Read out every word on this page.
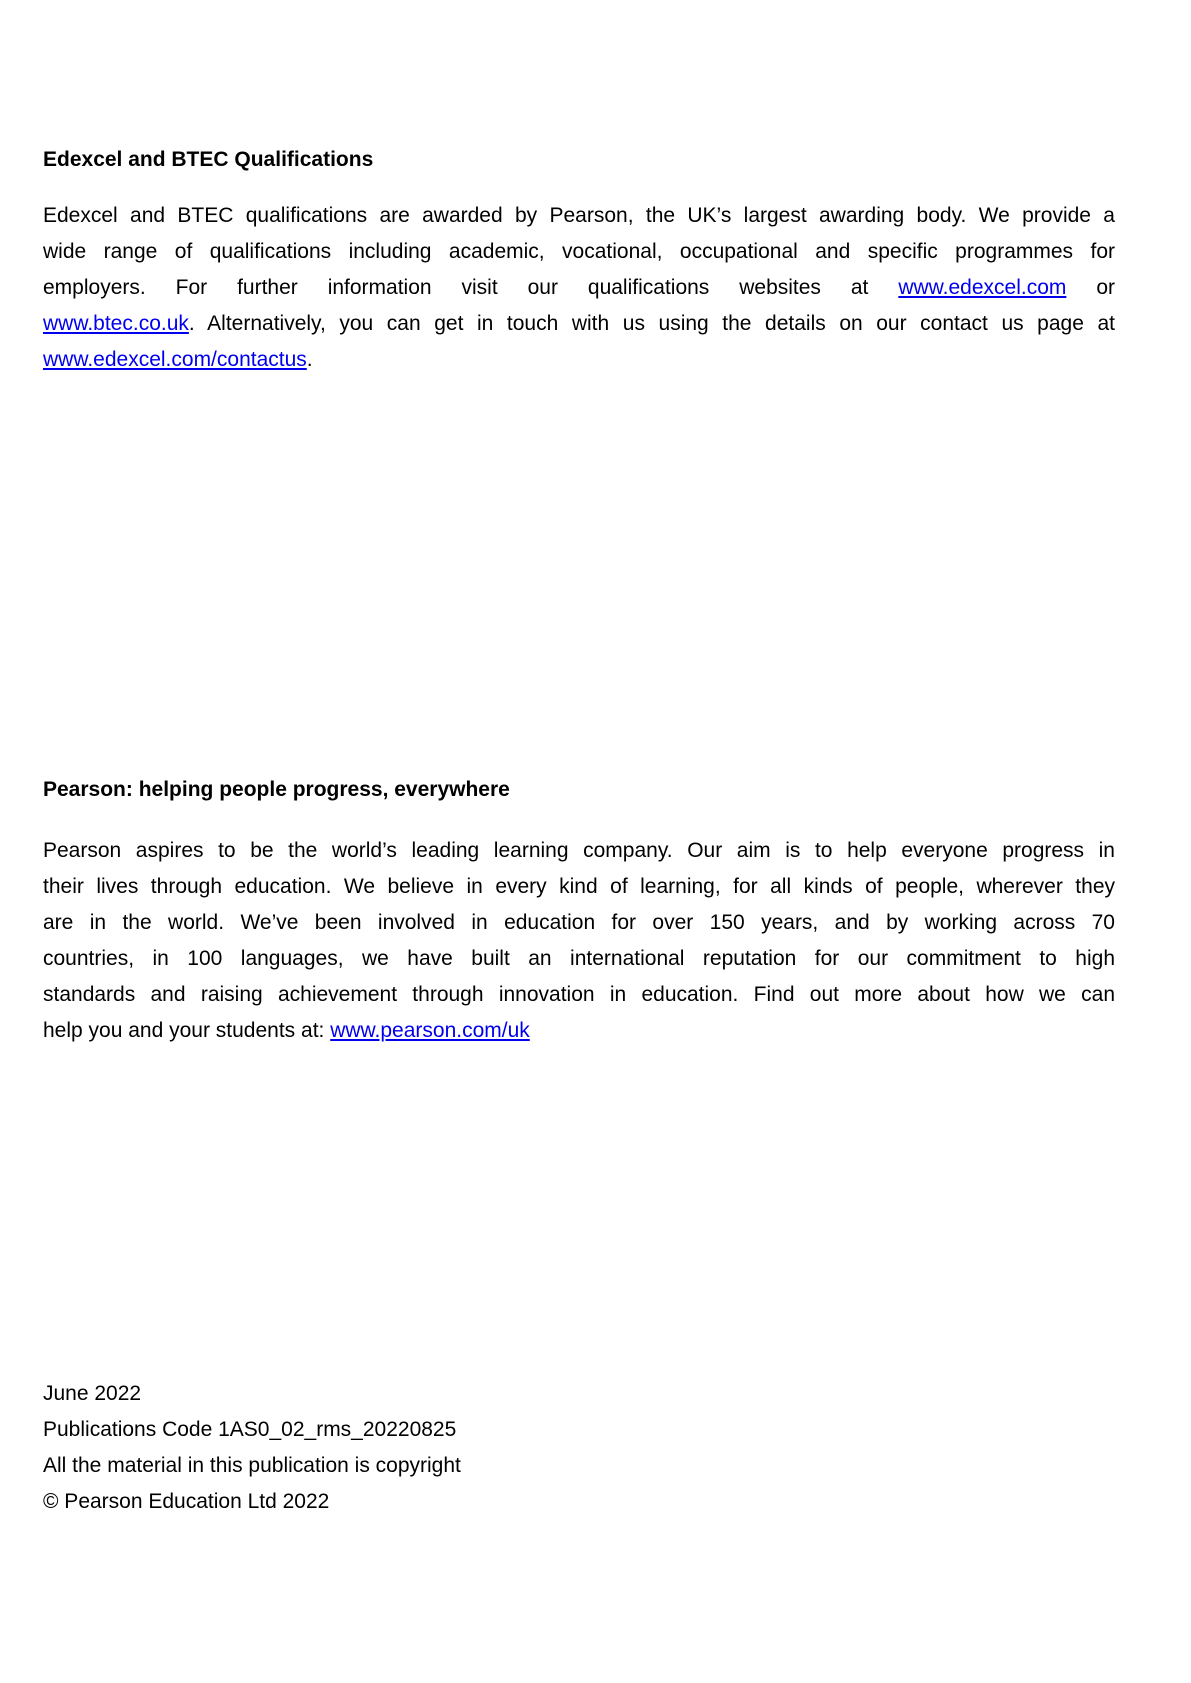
Edexcel and BTEC Qualifications
Edexcel and BTEC qualifications are awarded by Pearson, the UK’s largest awarding body. We provide a
wide range of qualifications including academic, vocational, occupational and specific programmes for
employers. For further information visit our qualifications websites at www.edexcel.com or
www.btec.co.uk. Alternatively, you can get in touch with us using the details on our contact us page at
www.edexcel.com/contactus.
Pearson: helping people progress, everywhere
Pearson aspires to be the world’s leading learning company. Our aim is to help everyone progress in
their lives through education. We believe in every kind of learning, for all kinds of people, wherever they
are in the world. We’ve been involved in education for over 150 years, and by working across 70
countries, in 100 languages, we have built an international reputation for our commitment to high
standards and raising achievement through innovation in education. Find out more about how we can
help you and your students at: www.pearson.com/uk
June 2022
Publications Code 1AS0_02_rms_20220825
All the material in this publication is copyright
© Pearson Education Ltd 2022
